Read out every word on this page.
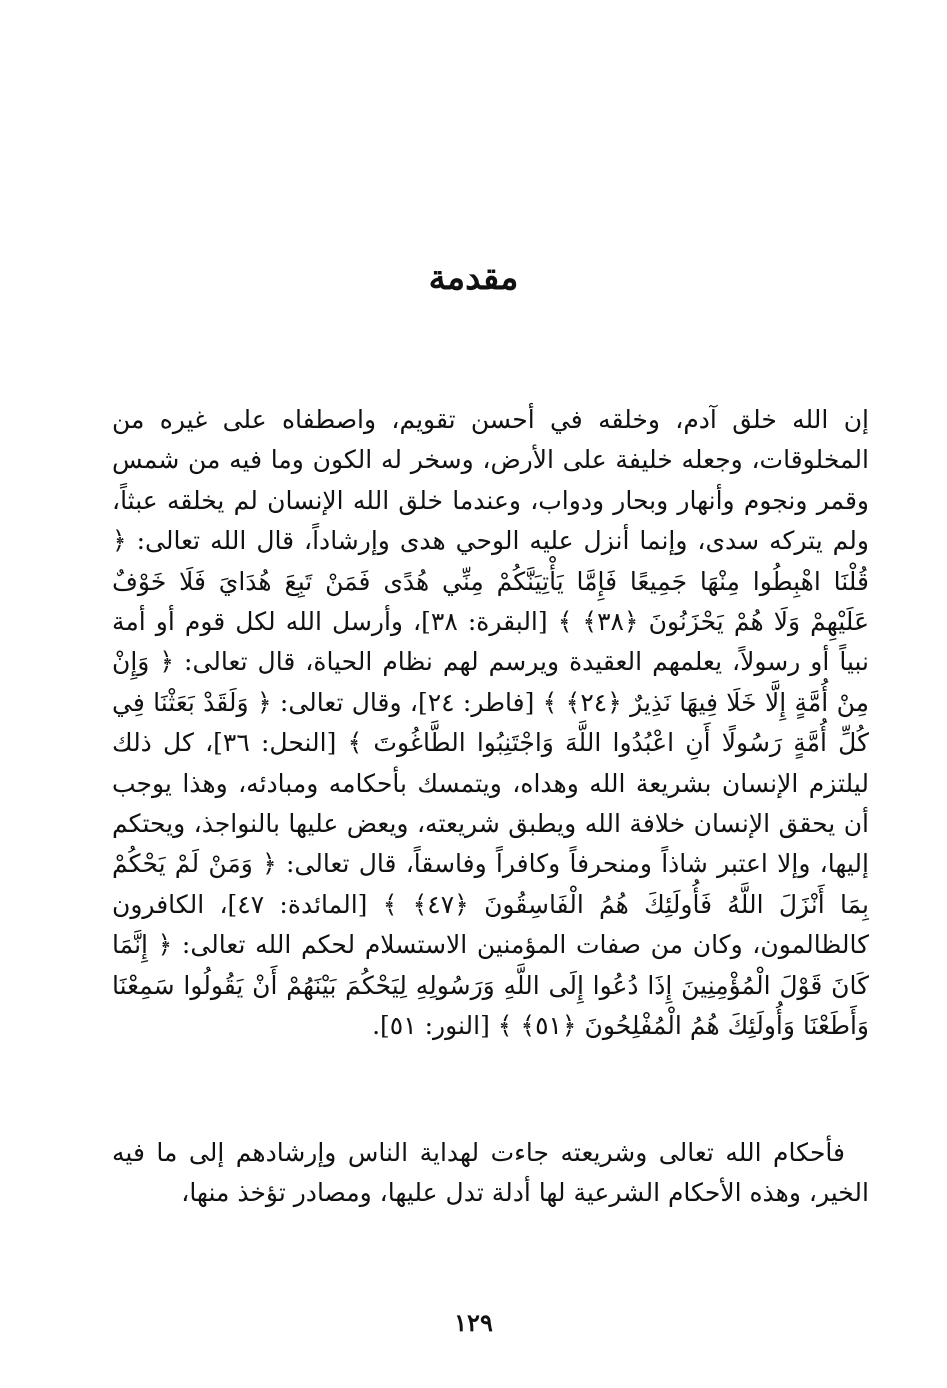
مقدمة

إن الله خلق آدم، وخلقه في أحسن تقويم، واصطفاه على غيره من المخلوقات، وجعله خليفة على الأرض، وسخر له الكون وما فيه من شمس وقمر ونجوم وأنهار وبحار ودواب، وعندما خلق الله الإنسان لم يخلقه عبثاً، ولم يتركه سدى، وإنما أنزل عليه الوحي هدى وإرشاداً، قال الله تعالى: ﴿ قُلْنَا اهْبِطُوا مِنْهَا جَمِيعًا فَإِمَّا يَأْتِيَنَّكُمْ مِنِّي هُدًى فَمَنْ تَبِعَ هُدَايَ فَلَا خَوْفٌ عَلَيْهِمْ وَلَا هُمْ يَحْزَنُونَ ﴿٣٨﴾ ﴾ [البقرة: ٣٨]، وأرسل الله لكل قوم أو أمة نبياً أو رسولاً، يعلمهم العقيدة ويرسم لهم نظام الحياة، قال تعالى: ﴿ وَإِنْ مِنْ أُمَّةٍ إِلَّا خَلَا فِيهَا نَذِيرٌ ﴿٢٤﴾ ﴾ [فاطر: ٢٤]، وقال تعالى: ﴿ وَلَقَدْ بَعَثْنَا فِي كُلِّ أُمَّةٍ رَسُولًا أَنِ اعْبُدُوا اللَّهَ وَاجْتَنِبُوا الطَّاغُوتَ ﴾ [النحل: ٣٦]، كل ذلك ليلتزم الإنسان بشريعة الله وهداه، ويتمسك بأحكامه ومبادئه، وهذا يوجب أن يحقق الإنسان خلافة الله ويطبق شريعته، ويعض عليها بالنواجذ، ويحتكم إليها، وإلا اعتبر شاذاً ومنحرفاً وكافراً وفاسقاً، قال تعالى: ﴿ وَمَنْ لَمْ يَحْكُمْ بِمَا أَنْزَلَ اللَّهُ فَأُولَئِكَ هُمُ الْفَاسِقُونَ ﴿٤٧﴾ ﴾ [المائدة: ٤٧]، الكافرون كالظالمون، وكان من صفات المؤمنين الاستسلام لحكم الله تعالى: ﴿ إِنَّمَا كَانَ قَوْلَ الْمُؤْمِنِينَ إِذَا دُعُوا إِلَى اللَّهِ وَرَسُولِهِ لِيَحْكُمَ بَيْنَهُمْ أَنْ يَقُولُوا سَمِعْنَا وَأَطَعْنَا وَأُولَئِكَ هُمُ الْمُفْلِحُونَ ﴿٥١﴾ ﴾ [النور: ٥١].

فأحكام الله تعالى وشريعته جاءت لهداية الناس وإرشادهم إلى ما فيه الخير، وهذه الأحكام الشرعية لها أدلة تدل عليها، ومصادر تؤخذ منها،

١٢٩
